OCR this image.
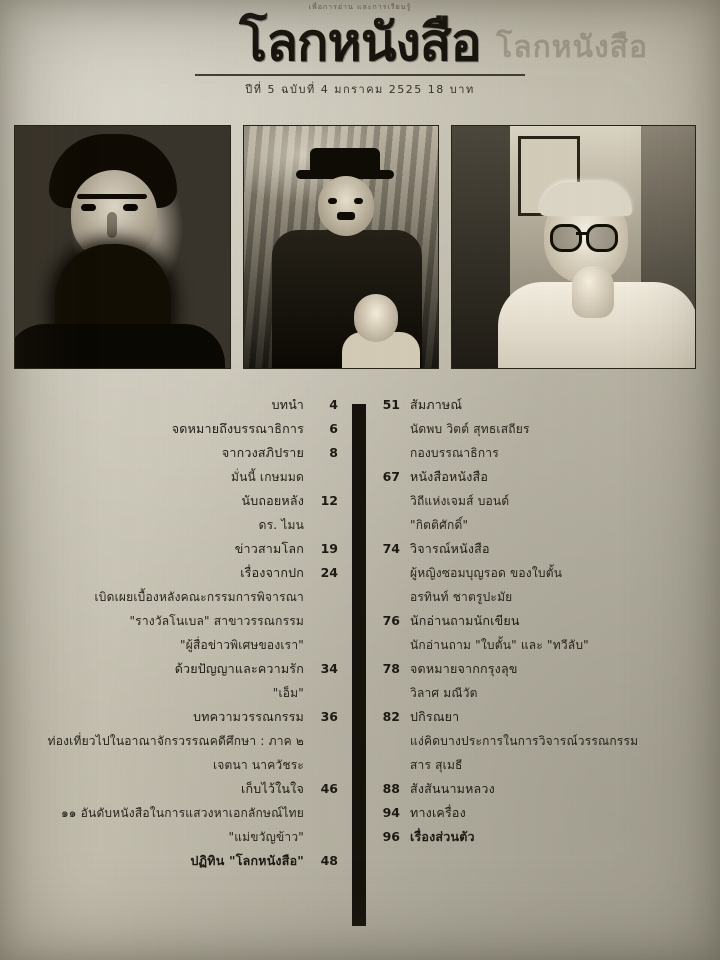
เพื่อการอ่าน และการเรียนรู้
โลกหนังสือ โลกหนังสือ
ปีที่ 5 ฉบับที่ 4 มกราคม 2525 18 บาท
บทนำ	4
จดหมายถึงบรรณาธิการ	6
จากวงสภิปราย	8
มั่นนี้ เกษมมด
นับถอยหลัง	12
ดร. ไมน
ข่าวสามโลก	19
เรื่องจากปก	24
เบิดเผยเบื้องหลังคณะกรรมการพิจารณา
"รางวัลโนเบล" สาขาวรรณกรรม
"ผู้สื่อข่าวพิเศษของเรา"
ด้วยปัญญาและความรัก	34
"เอ็ม"
บทความวรรณกรรม	36
ท่องเที่ยวไปในอาณาจักรวรรณคดีศึกษา : ภาค ๒
เจตนา นาควัชระ
เก็บไว้ในใจ	46
๑๑ อันดับหนังสือในการแสวงหาเอกลักษณ์ไทย
"แม่ขวัญข้าว"
ปฏิทิน "โลกหนังสือ"	48
51 สัมภาษณ์
นัดพบ วิตต์ สุทธเสถียร
กองบรรณาธิการ
67 หนังสือหนังสือ
วิถีแห่งเจมส์ บอนด์
"กิตติศักดิ์"
74 วิจารณ์หนังสือ
ผู้หญิงซอมบุญรอด ของใบตั้น
อรทินท์ ชาตรูปะมัย
76 นักอ่านถามนักเขียน
นักอ่านถาม "ใบตั้น" และ "ทวีลับ"
78 จดหมายจากกรุงลุข
วิลาศ มณีวัต
82 ปกิรณยา
แง่คิดบางประการในการวิจารณ์วรรณกรรม
สาร สุเมธี
88 สังสันนามหลวง
94 ทางเครื่อง
96 เรื่องส่วนตัว
